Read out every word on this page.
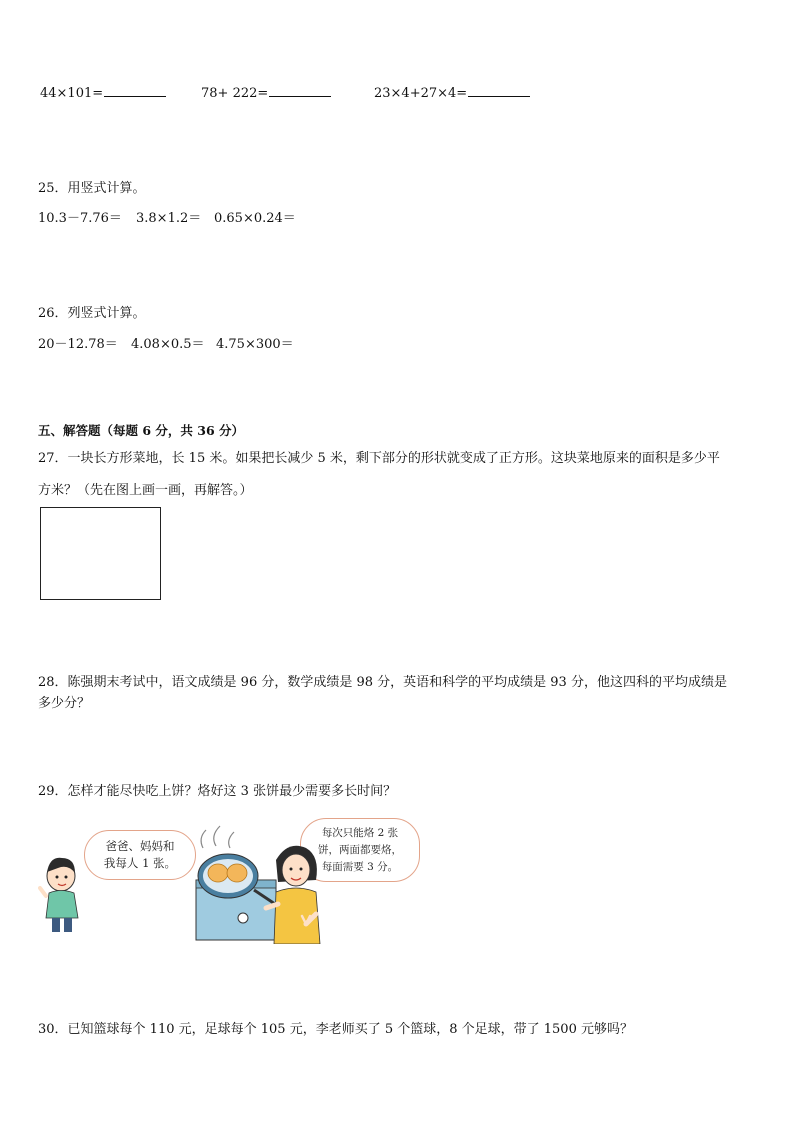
44×101=	78+ 222=	23×4+27×4=
25．用竖式计算。
10.3－7.76＝ 3.8×1.2＝ 0.65×0.24＝
26．列竖式计算。
20－12.78＝ 4.08×0.5＝ 4.75×300＝
五、解答题（每题 6 分，共 36 分）
27．一块长方形菜地，长 15 米。如果把长减少 5 米，剩下部分的形状就变成了正方形。这块菜地原来的面积是多少平
方米？（先在图上画一画，再解答。）
28．陈强期末考试中，语文成绩是 96 分，数学成绩是 98 分，英语和科学的平均成绩是 93 分，他这四科的平均成绩是
多少分？
29．怎样才能尽快吃上饼？烙好这 3 张饼最少需要多长时间？
爸爸、妈妈和
我每人 1 张。
每次只能烙 2 张
饼，两面都要烙，
每面需要 3 分。
30．已知篮球每个 110 元，足球每个 105 元，李老师买了 5 个篮球，8 个足球，带了 1500 元够吗？
